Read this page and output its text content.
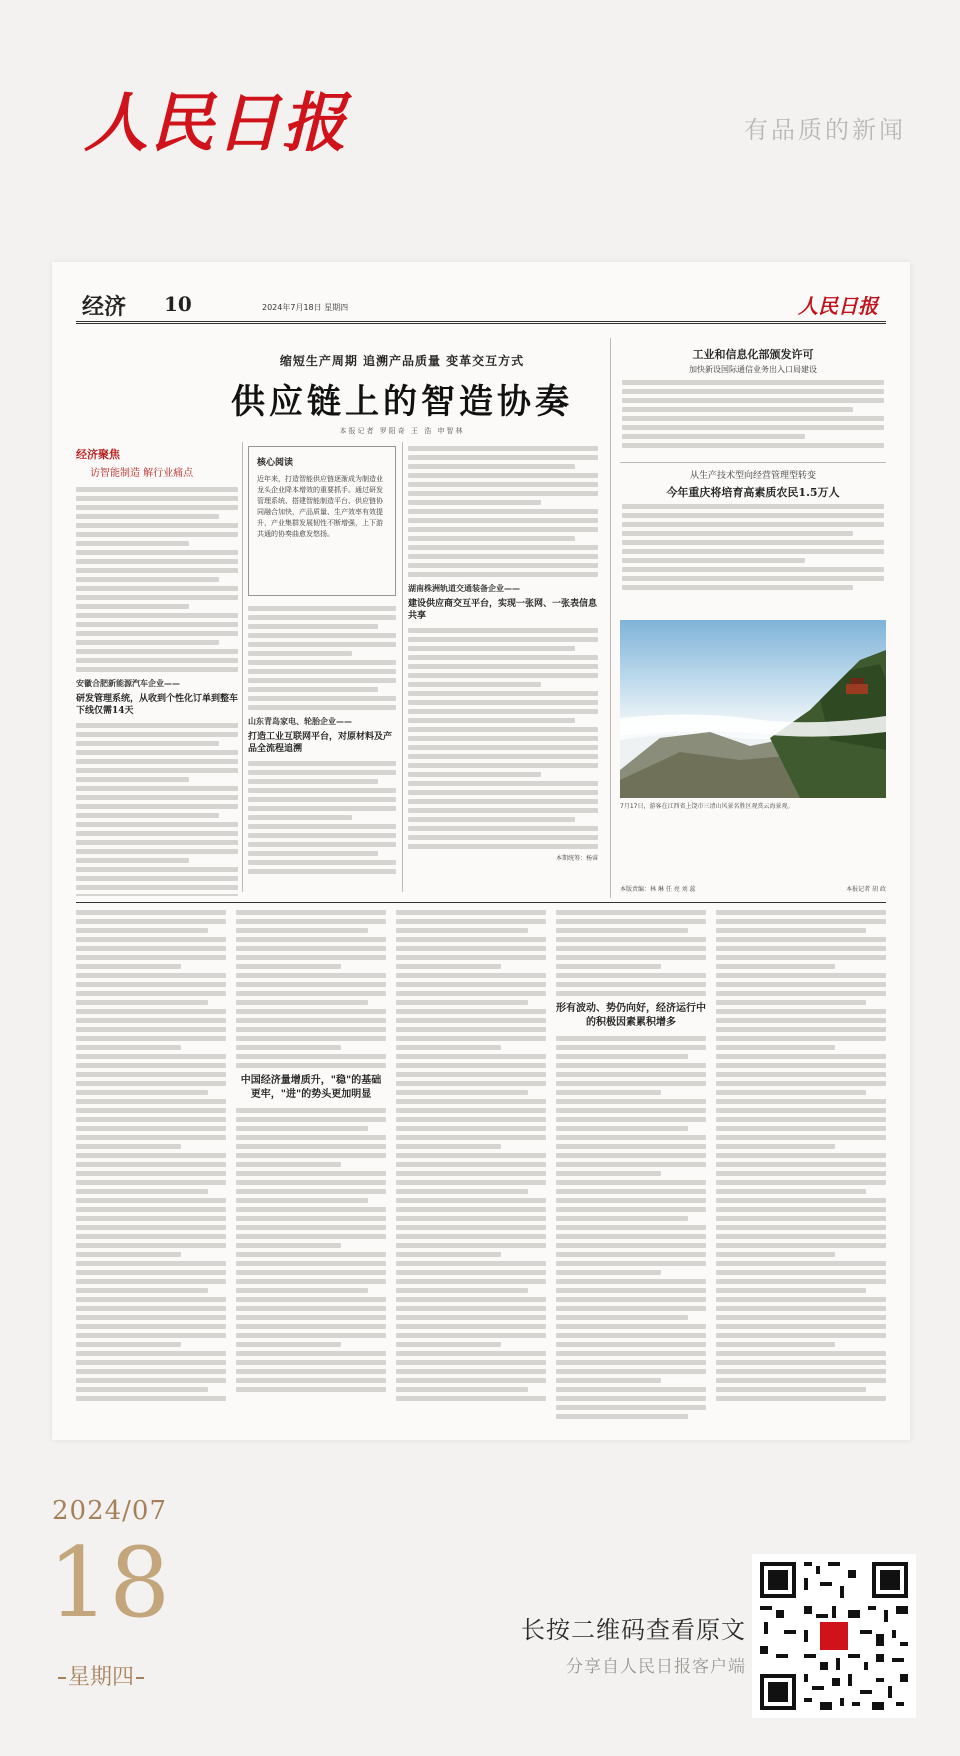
人民日报	有品质的新闻
经济 10	2024年7月18日 星期四	人民日报
缩短生产周期 追溯产品质量 变革交互方式
供应链上的智造协奏
本报记者 罗阳奇 王 浩 申智林
经济聚焦
访智能制造 解行业痛点
安徽合肥新能源汽车企业——
研发管理系统，从收到个性化订单到整车下线仅需14天
核心阅读
近年来，打造智能供应链逐渐成为制造业龙头企业降本增效的重要抓手。通过研发管理系统、搭建智能制造平台、供应链协同融合加快，产品质量、生产效率有效提升，产业集群发展韧性不断增强，上下游共通的协奏曲愈发悠扬。
山东青岛家电、轮胎企业——
打造工业互联网平台，对原材料及产品全流程追溯
湖南株洲轨道交通装备企业——
建设供应商交互平台，实现一张网、一张表信息共享
本期统筹：杨睿
工业和信息化部颁发许可
加快新设国际通信业务出入口局建设
从生产技术型向经营管理型转变
今年重庆将培育高素质农民1.5万人
7月17日，游客在江西省上饶市三清山风景名胜区观赏云海景观。
本版责编：林 琳 任 亮 刘 蕊	本报记者 胡 政
中国经济量增质升，"稳"的基础更牢，"进"的势头更加明显
形有波动、势仍向好，经济运行中的积极因素累积增多
2024/07
18
星期四
长按二维码查看原文
分享自人民日报客户端
